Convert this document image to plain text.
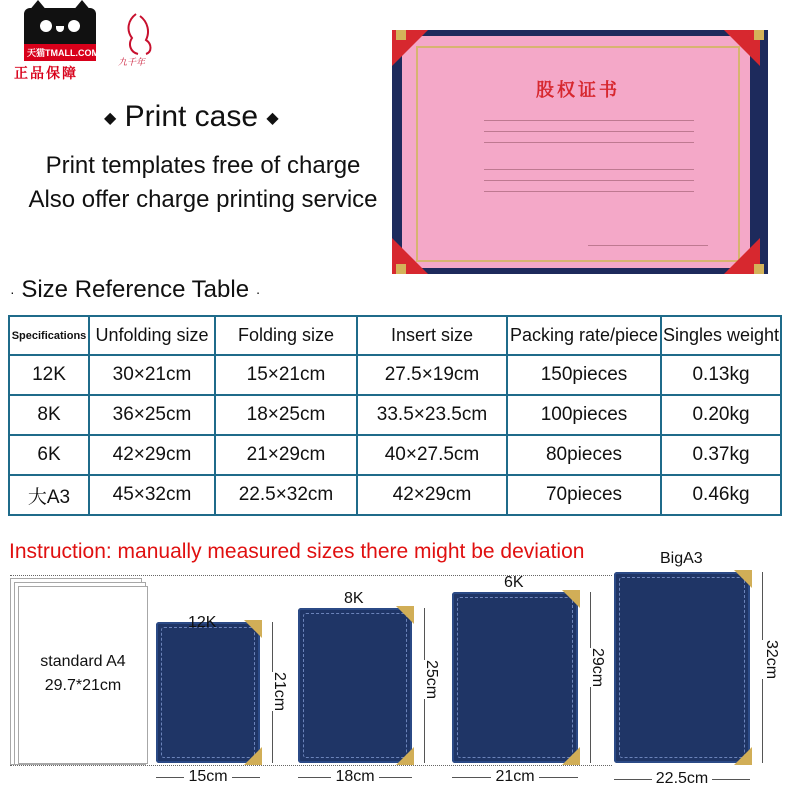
天猫TMALL.COM
正品保障
九千年
◆ Print case ◆
Print templates free of charge
Also offer charge printing service
股权证书
· Size Reference Table ·
Specifications	Unfolding size	Folding size	Insert size	Packing rate/piece	Singles weight
12K	30×21cm	15×21cm	27.5×19cm	150pieces	0.13kg
8K	36×25cm	18×25cm	33.5×23.5cm	100pieces	0.20kg
6K	42×29cm	21×29cm	40×27.5cm	80pieces	0.37kg
大A3	45×32cm	22.5×32cm	42×29cm	70pieces	0.46kg
Instruction: manually measured sizes there might be deviation
standard A4
29.7*21cm
12K
15cm
21cm
8K
18cm
25cm
6K
21cm
29cm
BigA3
22.5cm
32cm
